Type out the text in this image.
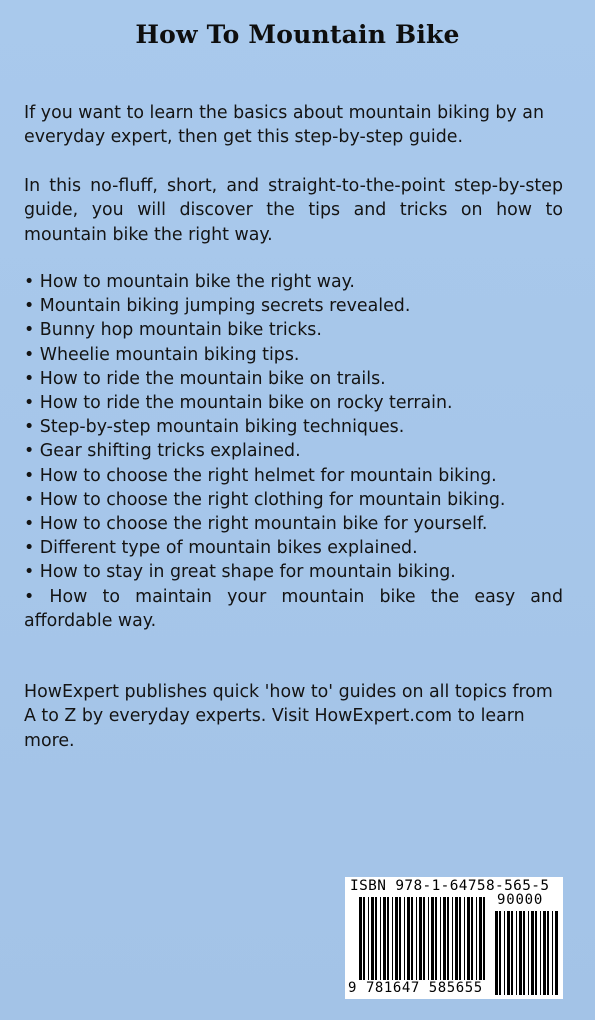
How To Mountain Bike
If you want to learn the basics about mountain biking by an everyday expert, then get this step-by-step guide.
In this no-fluff, short, and straight-to-the-point step-by-step guide, you will discover the tips and tricks on how to mountain bike the right way.
• How to mountain bike the right way.
• Mountain biking jumping secrets revealed.
• Bunny hop mountain bike tricks.
• Wheelie mountain biking tips.
• How to ride the mountain bike on trails.
• How to ride the mountain bike on rocky terrain.
• Step-by-step mountain biking techniques.
• Gear shifting tricks explained.
• How to choose the right helmet for mountain biking.
• How to choose the right clothing for mountain biking.
• How to choose the right mountain bike for yourself.
• Different type of mountain bikes explained.
• How to stay in great shape for mountain biking.
• How to maintain your mountain bike the easy and affordable way.
HowExpert publishes quick 'how to' guides on all topics from A to Z by everyday experts. Visit HowExpert.com to learn more.
ISBN 978-1-64758-565-5
90000
9 781647 585655
